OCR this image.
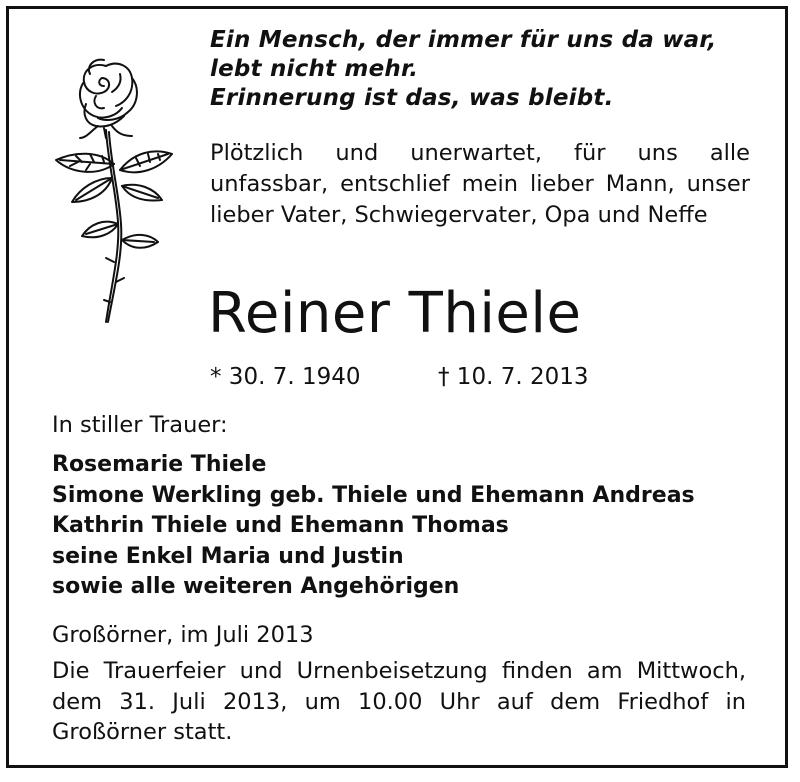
Ein Mensch, der immer für uns da war,
lebt nicht mehr.
Erinnerung ist das, was bleibt.
Plötzlich und unerwartet, für uns alle unfassbar, entschlief mein lieber Mann, unser lieber Vater, Schwiegervater, Opa und Neffe
Reiner Thiele
* 30. 7. 1940	† 10. 7. 2013
In stiller Trauer:
Rosemarie Thiele
Simone Werkling geb. Thiele und Ehemann Andreas
Kathrin Thiele und Ehemann Thomas
seine Enkel Maria und Justin
sowie alle weiteren Angehörigen
Großörner, im Juli 2013
Die Trauerfeier und Urnenbeisetzung finden am Mittwoch, dem 31. Juli 2013, um 10.00 Uhr auf dem Friedhof in Großörner statt.
